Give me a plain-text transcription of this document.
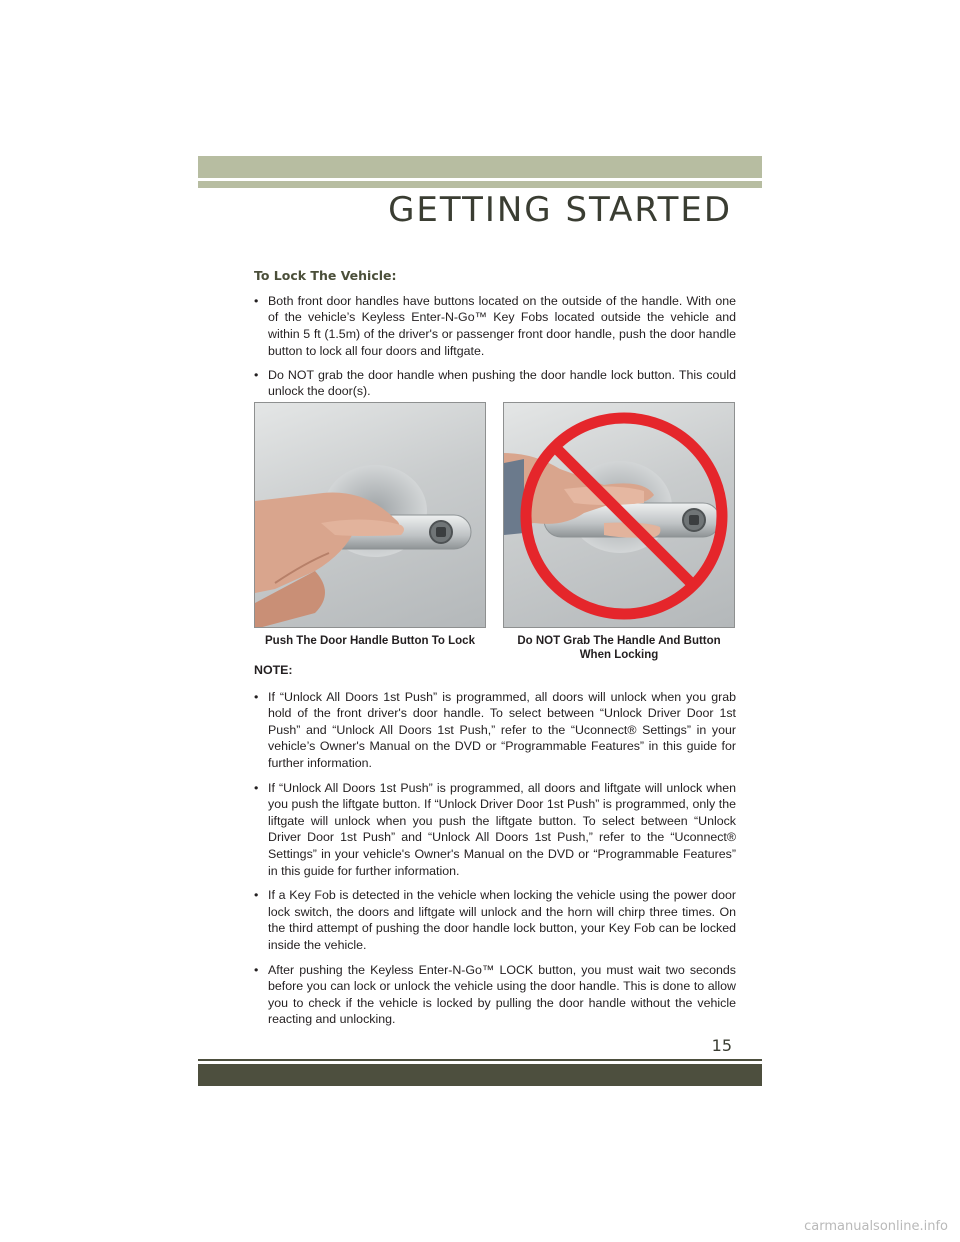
GETTING STARTED
To Lock The Vehicle:
• Both front door handles have buttons located on the outside of the handle. With one of the vehicle’s Keyless Enter-N-Go™ Key Fobs located outside the vehicle and within 5 ft (1.5m) of the driver's or passenger front door handle, push the door handle button to lock all four doors and liftgate.
• Do NOT grab the door handle when pushing the door handle lock button. This could unlock the door(s).
Push The Door Handle Button To Lock	Do NOT Grab The Handle And Button When Locking
NOTE:
• If “Unlock All Doors 1st Push” is programmed, all doors will unlock when you grab hold of the front driver's door handle. To select between “Unlock Driver Door 1st Push” and “Unlock All Doors 1st Push,” refer to the “Uconnect® Settings” in your vehicle’s Owner's Manual on the DVD or “Programmable Features” in this guide for further information.
• If “Unlock All Doors 1st Push” is programmed, all doors and liftgate will unlock when you push the liftgate button. If “Unlock Driver Door 1st Push” is programmed, only the liftgate will unlock when you push the liftgate button. To select between “Unlock Driver Door 1st Push” and “Unlock All Doors 1st Push,” refer to the “Uconnect® Settings” in your vehicle's Owner's Manual on the DVD or “Programmable Features” in this guide for further information.
• If a Key Fob is detected in the vehicle when locking the vehicle using the power door lock switch, the doors and liftgate will unlock and the horn will chirp three times. On the third attempt of pushing the door handle lock button, your Key Fob can be locked inside the vehicle.
• After pushing the Keyless Enter-N-Go™ LOCK button, you must wait two seconds before you can lock or unlock the vehicle using the door handle. This is done to allow you to check if the vehicle is locked by pulling the door handle without the vehicle reacting and unlocking.
15
carmanualsonline.info
